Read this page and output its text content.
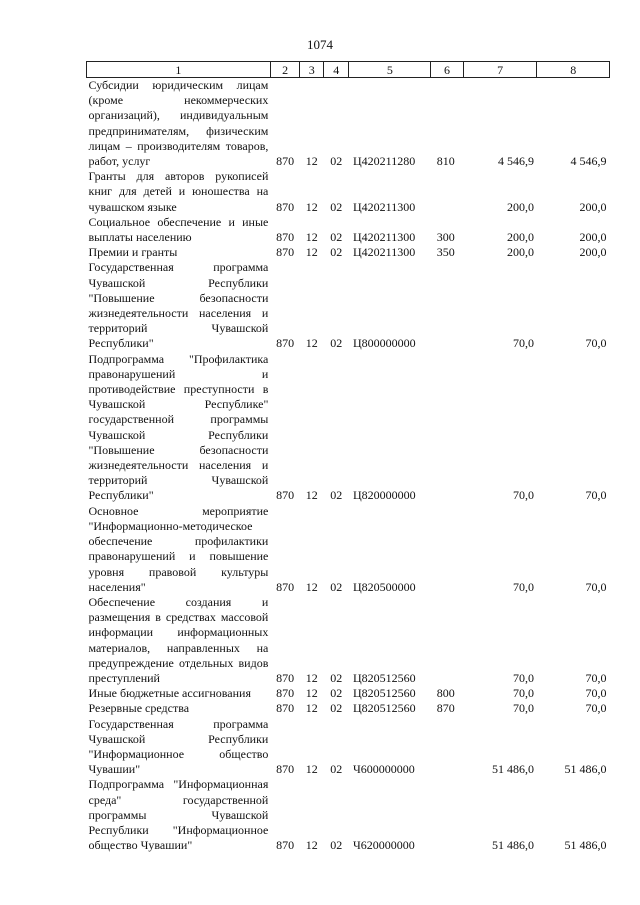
1074
1	2	3	4	5	6	7	8
Субсидии юридическим лицам (кроме некоммерческих организаций), индивидуальным предпринимателям, физическим лицам – производителям товаров, работ, услуг	870	12	02	Ц420211280	810	4 546,9	4 546,9
Гранты для авторов рукописей книг для детей и юношества на чувашском языке	870	12	02	Ц420211300		200,0	200,0
Социальное обеспечение и иные выплаты населению	870	12	02	Ц420211300	300	200,0	200,0
Премии и гранты	870	12	02	Ц420211300	350	200,0	200,0
Государственная программа Чувашской Республики "Повышение безопасности жизнедеятельности населения и территорий Чувашской Республики"	870	12	02	Ц800000000		70,0	70,0
Подпрограмма "Профилактика правонарушений и противодействие преступности в Чувашской Республике" государственной программы Чувашской Республики "Повышение безопасности жизнедеятельности населения и территорий Чувашской Республики"	870	12	02	Ц820000000		70,0	70,0
Основное мероприятие "Информационно-методическое обеспечение профилактики правонарушений и повышение уровня правовой культуры населения"	870	12	02	Ц820500000		70,0	70,0
Обеспечение создания и размещения в средствах массовой информации информационных материалов, направленных на предупреждение отдельных видов преступлений	870	12	02	Ц820512560		70,0	70,0
Иные бюджетные ассигнования	870	12	02	Ц820512560	800	70,0	70,0
Резервные средства	870	12	02	Ц820512560	870	70,0	70,0
Государственная программа Чувашской Республики "Информационное общество Чувашии"	870	12	02	Ч600000000		51 486,0	51 486,0
Подпрограмма "Информационная среда" государственной программы Чувашской Республики "Информационное общество Чувашии"	870	12	02	Ч620000000		51 486,0	51 486,0
